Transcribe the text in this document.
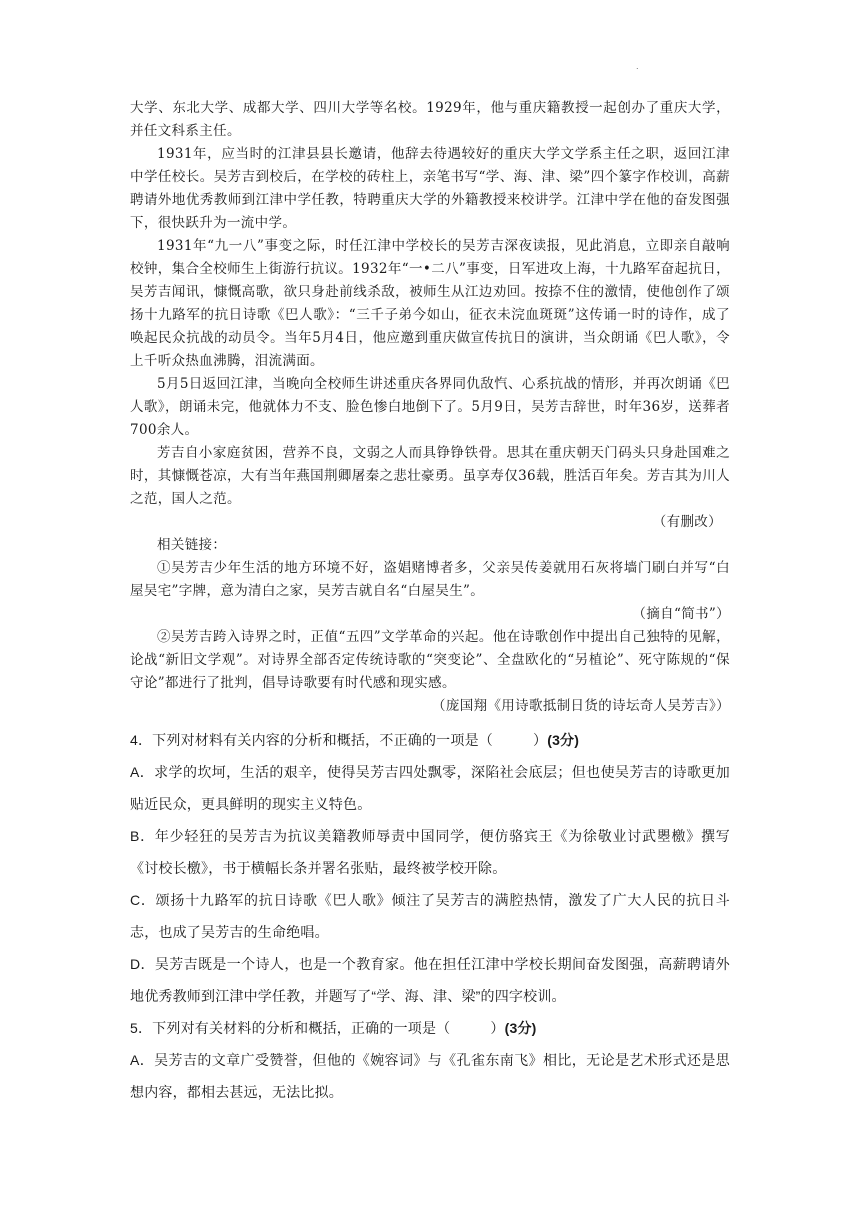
.

大学、东北大学、成都大学、四川大学等名校。1929年，他与重庆籍教授一起创办了重庆大学，并任文科系主任。

1931年，应当时的江津县县长邀请，他辞去待遇较好的重庆大学文学系主任之职，返回江津中学任校长。吴芳吉到校后，在学校的砖柱上，亲笔书写“学、海、津、梁”四个篆字作校训，高薪聘请外地优秀教师到江津中学任教，特聘重庆大学的外籍教授来校讲学。江津中学在他的奋发图强下，很快跃升为一流中学。

1931年“九一八”事变之际，时任江津中学校长的吴芳吉深夜读报，见此消息，立即亲自敲响校钟，集合全校师生上街游行抗议。1932年“一•二八”事变，日军进攻上海，十九路军奋起抗日，吴芳吉闻讯，慷慨高歌，欲只身赴前线杀敌，被师生从江边劝回。按捺不住的激情，使他创作了颂扬十九路军的抗日诗歌《巴人歌》：“三千子弟今如山，征衣未浣血斑斑”这传诵一时的诗作，成了唤起民众抗战的动员令。当年5月4日，他应邀到重庆做宣传抗日的演讲，当众朗诵《巴人歌》，令上千听众热血沸腾，泪流满面。

5月5日返回江津，当晚向全校师生讲述重庆各界同仇敌忾、心系抗战的情形，并再次朗诵《巴人歌》，朗诵未完，他就体力不支、脸色惨白地倒下了。5月9日，吴芳吉辞世，时年36岁，送葬者700余人。

芳吉自小家庭贫困，营养不良，文弱之人而具铮铮铁骨。思其在重庆朝天门码头只身赴国难之时，其慷慨苍凉，大有当年燕国荆卿屠秦之悲壮豪勇。虽享寿仅36载，胜活百年矣。芳吉其为川人之范，国人之范。

（有删改）

相关链接：

①吴芳吉少年生活的地方环境不好，盗娼赌博者多，父亲吴传姜就用石灰将墙门刷白并写“白屋吴宅”字牌，意为清白之家，吴芳吉就自名“白屋吴生”。

（摘自“简书”）

②吴芳吉跨入诗界之时，正值“五四”文学革命的兴起。他在诗歌创作中提出自己独特的见解，论战“新旧文学观”。对诗界全部否定传统诗歌的“突变论”、全盘欧化的“另植论”、死守陈规的“保守论”都进行了批判，倡导诗歌要有时代感和现实感。

（庞国翔《用诗歌抵制日货的诗坛奇人吴芳吉》）

4．下列对材料有关内容的分析和概括，不正确的一项是（	）(3分)

A．求学的坎坷，生活的艰辛，使得吴芳吉四处飘零，深陷社会底层；但也使吴芳吉的诗歌更加贴近民众，更具鲜明的现实主义特色。

B．年少轻狂的吴芳吉为抗议美籍教师辱责中国同学，便仿骆宾王《为徐敬业讨武瞾檄》撰写《讨校长檄》，书于横幅长条并署名张贴，最终被学校开除。

C．颂扬十九路军的抗日诗歌《巴人歌》倾注了吴芳吉的满腔热情，激发了广大人民的抗日斗志，也成了吴芳吉的生命绝唱。

D．吴芳吉既是一个诗人，也是一个教育家。他在担任江津中学校长期间奋发图强，高薪聘请外地优秀教师到江津中学任教，并题写了“学、海、津、梁”的四字校训。

5．下列对有关材料的分析和概括，正确的一项是（	）(3分)

A．吴芳吉的文章广受赞誉，但他的《婉容词》与《孔雀东南飞》相比，无论是艺术形式还是思想内容，都相去甚远，无法比拟。
